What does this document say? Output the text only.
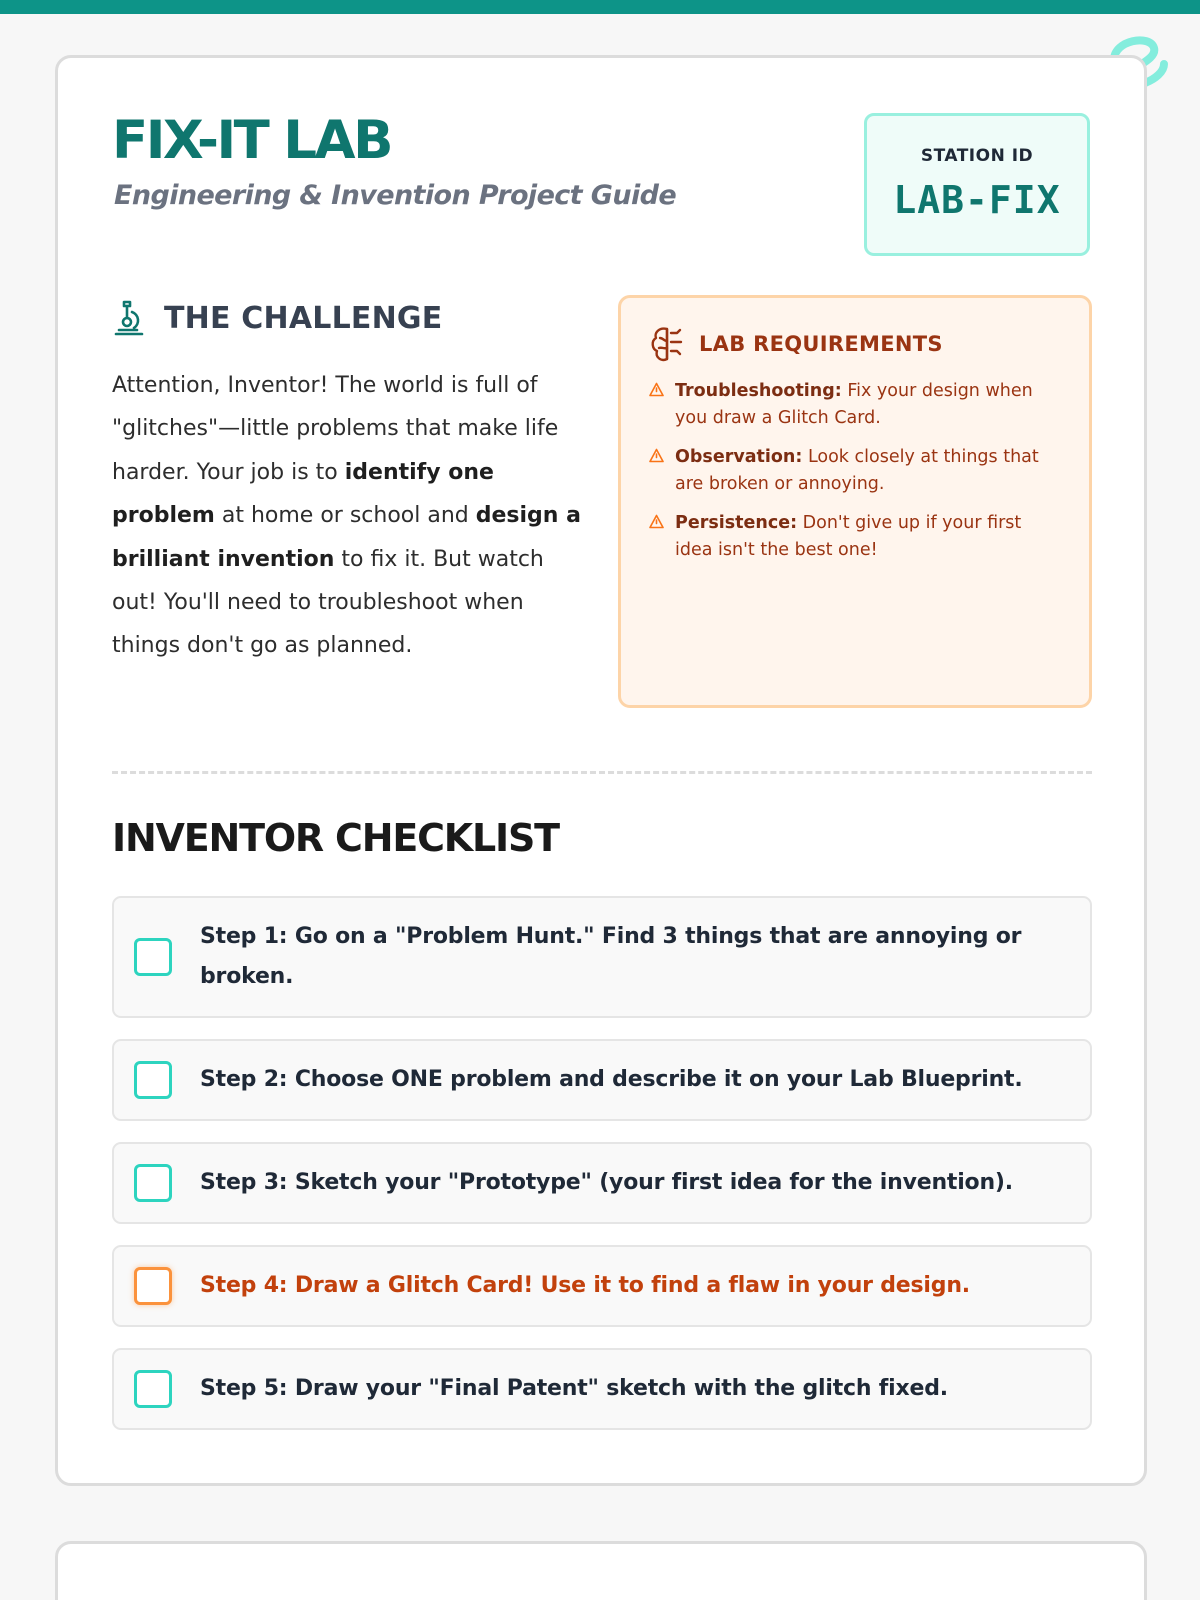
FIX-IT LAB
Engineering & Invention Project Guide
STATION ID
LAB-FIX
THE CHALLENGE
Attention, Inventor! The world is full of "glitches"—little problems that make life harder. Your job is to identify one problem at home or school and design a brilliant invention to fix it. But watch out! You'll need to troubleshoot when things don't go as planned.
LAB REQUIREMENTS
Troubleshooting: Fix your design when you draw a Glitch Card.
Observation: Look closely at things that are broken or annoying.
Persistence: Don't give up if your first idea isn't the best one!
INVENTOR CHECKLIST
Step 1: Go on a "Problem Hunt." Find 3 things that are annoying or broken.
Step 2: Choose ONE problem and describe it on your Lab Blueprint.
Step 3: Sketch your "Prototype" (your first idea for the invention).
Step 4: Draw a Glitch Card! Use it to find a flaw in your design.
Step 5: Draw your "Final Patent" sketch with the glitch fixed.
